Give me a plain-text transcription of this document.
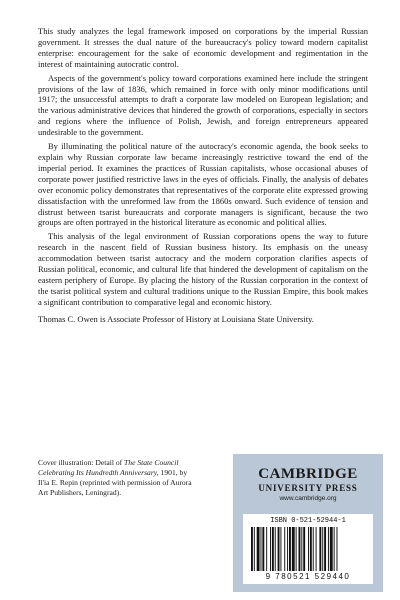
This study analyzes the legal framework imposed on corporations by the imperial Russian government. It stresses the dual nature of the bureaucracy's policy toward modern capitalist enterprise: encouragement for the sake of economic development and regimentation in the interest of maintaining autocratic control.

Aspects of the government's policy toward corporations examined here include the stringent provisions of the law of 1836, which remained in force with only minor modifications until 1917; the unsuccessful attempts to draft a corporate law modeled on European legislation; and the various administrative devices that hindered the growth of corporations, especially in sectors and regions where the influence of Polish, Jewish, and foreign entrepreneurs appeared undesirable to the government.

By illuminating the political nature of the autocracy's economic agenda, the book seeks to explain why Russian corporate law became increasingly restrictive toward the end of the imperial period. It examines the practices of Russian capitalists, whose occasional abuses of corporate power justified restrictive laws in the eyes of officials. Finally, the analysis of debates over economic policy demonstrates that representatives of the corporate elite expressed growing dissatisfaction with the unreformed law from the 1860s onward. Such evidence of tension and distrust between tsarist bureaucrats and corporate managers is significant, because the two groups are often portrayed in the historical literature as economic and political allies.

This analysis of the legal environment of Russian corporations opens the way to future research in the nascent field of Russian business history. Its emphasis on the uneasy accommodation between tsarist autocracy and the modern corporation clarifies aspects of Russian political, economic, and cultural life that hindered the development of capitalism on the eastern periphery of Europe. By placing the history of the Russian corporation in the context of the tsarist political system and cultural traditions unique to the Russian Empire, this book makes a significant contribution to comparative legal and economic history.

Thomas C. Owen is Associate Professor of History at Louisiana State University.

Cover illustration: Detail of The State Council Celebrating Its Hundredth Anniversary, 1901, by Il'ia E. Repin (reprinted with permission of Aurora Art Publishers, Leningrad).
CAMBRIDGE
UNIVERSITY PRESS
www.cambridge.org
ISBN 0-521-52944-1
9 780521 529440
